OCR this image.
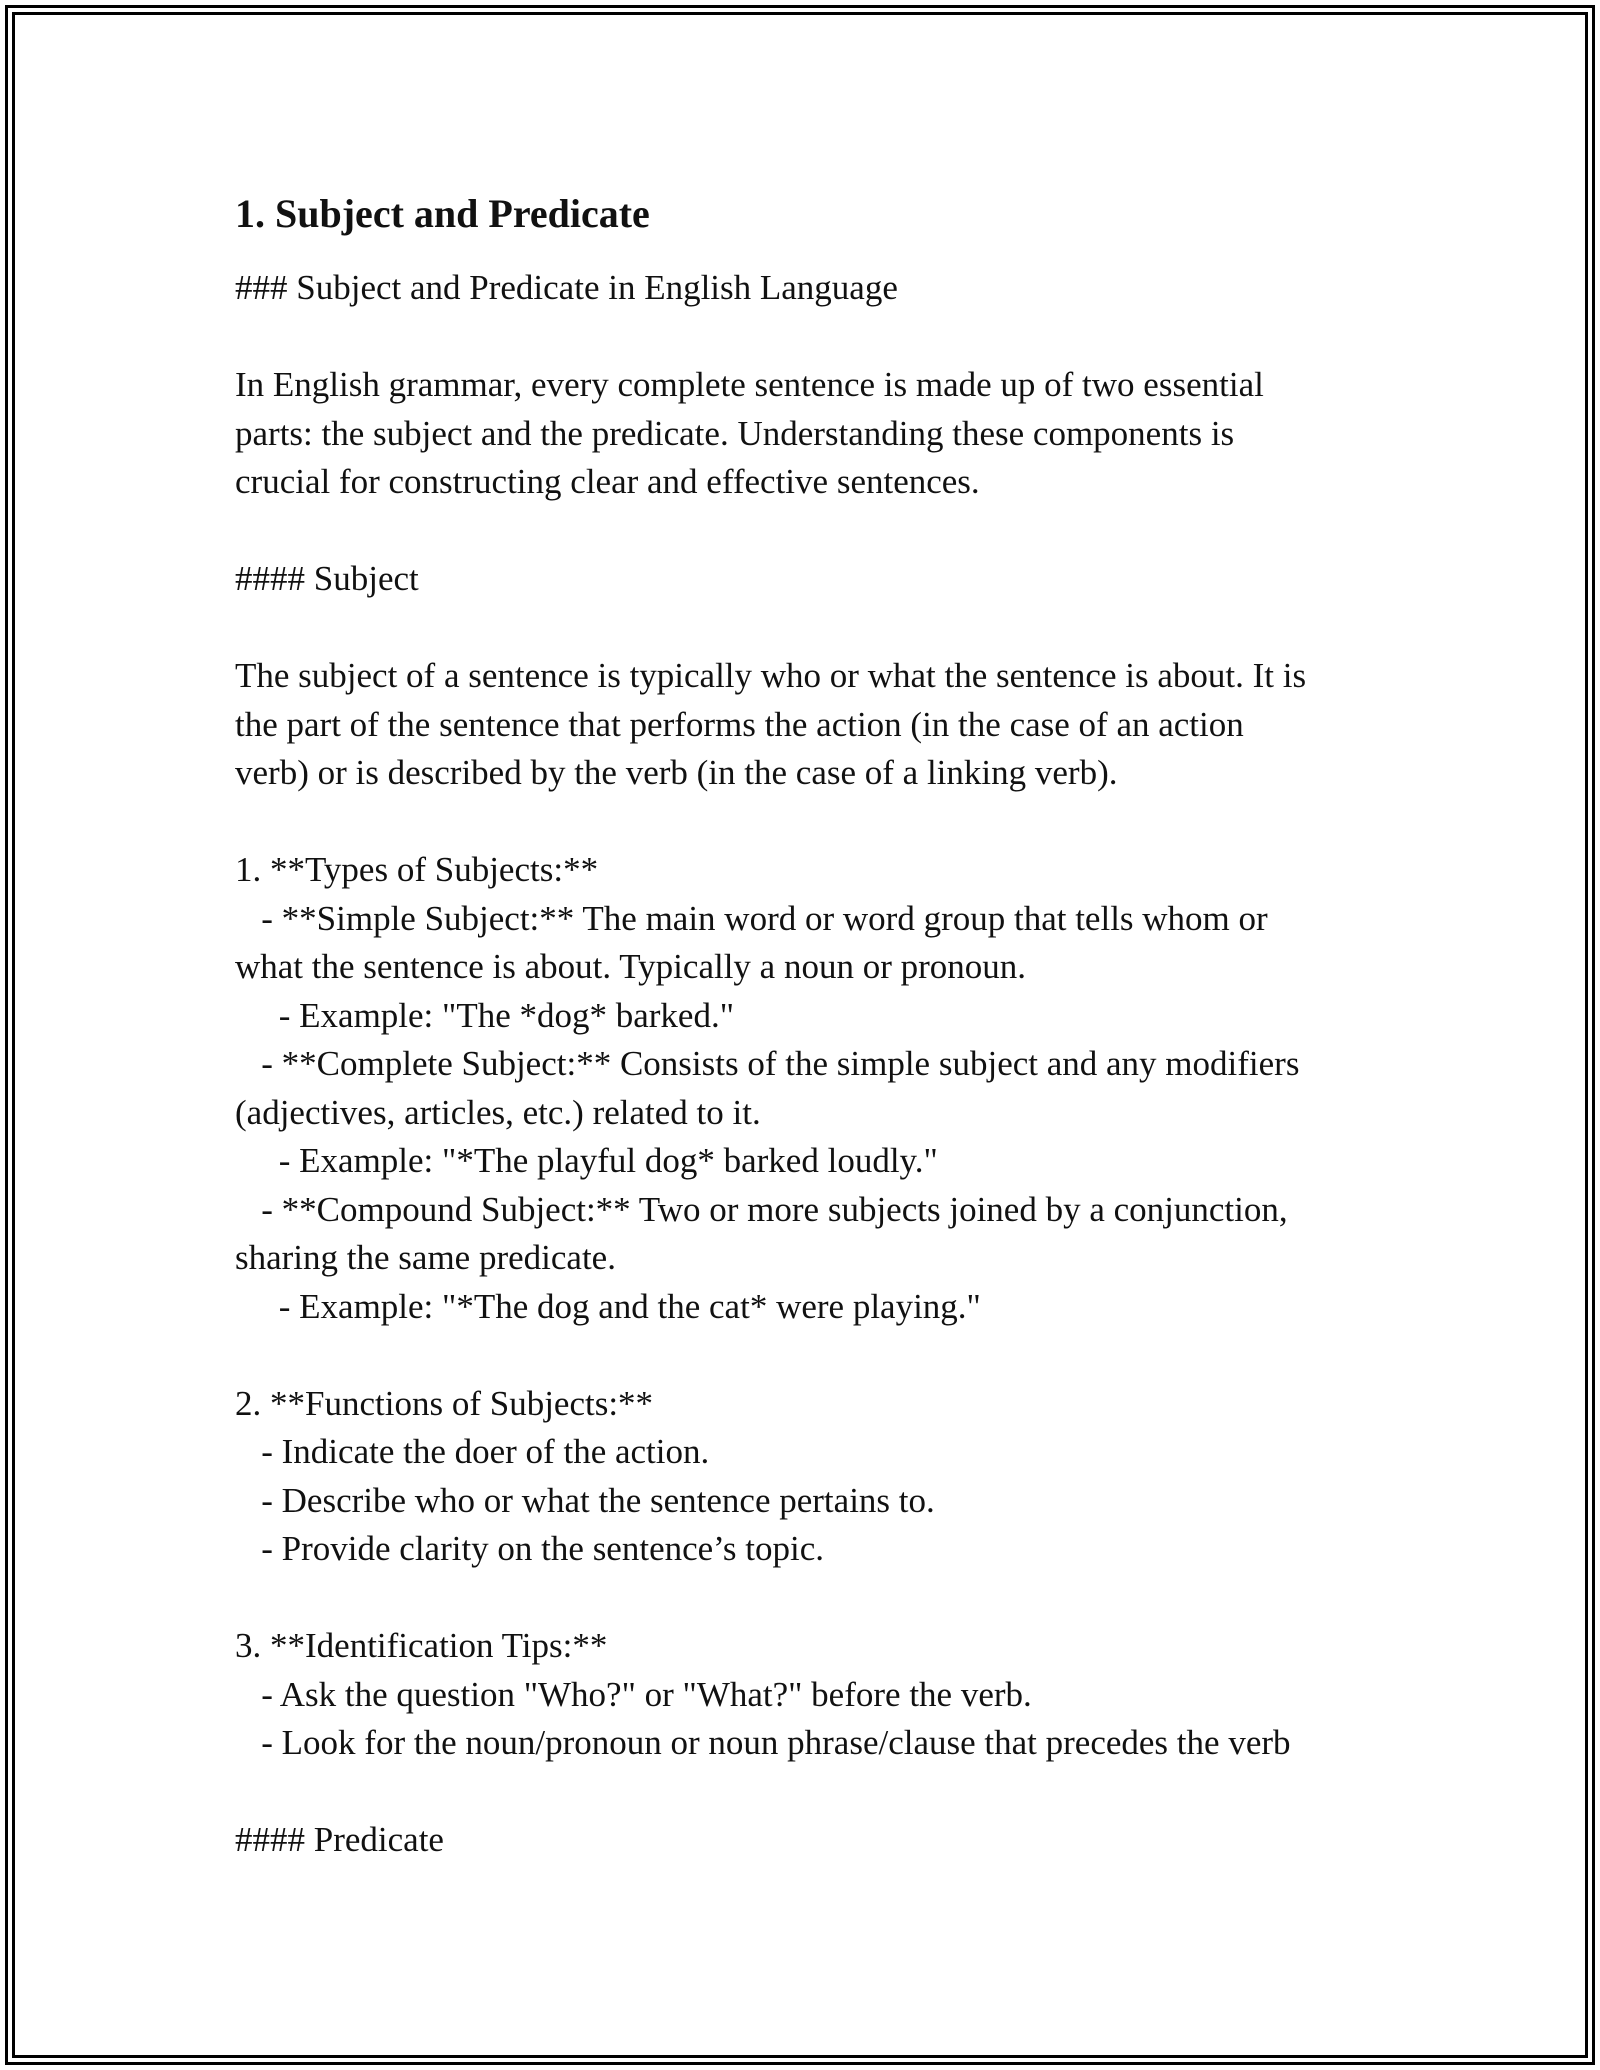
1. Subject and Predicate
### Subject and Predicate in English Language
In English grammar, every complete sentence is made up of two essential
parts: the subject and the predicate. Understanding these components is
crucial for constructing clear and effective sentences.
#### Subject
The subject of a sentence is typically who or what the sentence is about. It is
the part of the sentence that performs the action (in the case of an action
verb) or is described by the verb (in the case of a linking verb).
1. **Types of Subjects:**
- **Simple Subject:** The main word or word group that tells whom or
what the sentence is about. Typically a noun or pronoun.
- Example: "The *dog* barked."
- **Complete Subject:** Consists of the simple subject and any modifiers
(adjectives, articles, etc.) related to it.
- Example: "*The playful dog* barked loudly."
- **Compound Subject:** Two or more subjects joined by a conjunction,
sharing the same predicate.
- Example: "*The dog and the cat* were playing."
2. **Functions of Subjects:**
- Indicate the doer of the action.
- Describe who or what the sentence pertains to.
- Provide clarity on the sentence’s topic.
3. **Identification Tips:**
- Ask the question "Who?" or "What?" before the verb.
- Look for the noun/pronoun or noun phrase/clause that precedes the verb
#### Predicate
